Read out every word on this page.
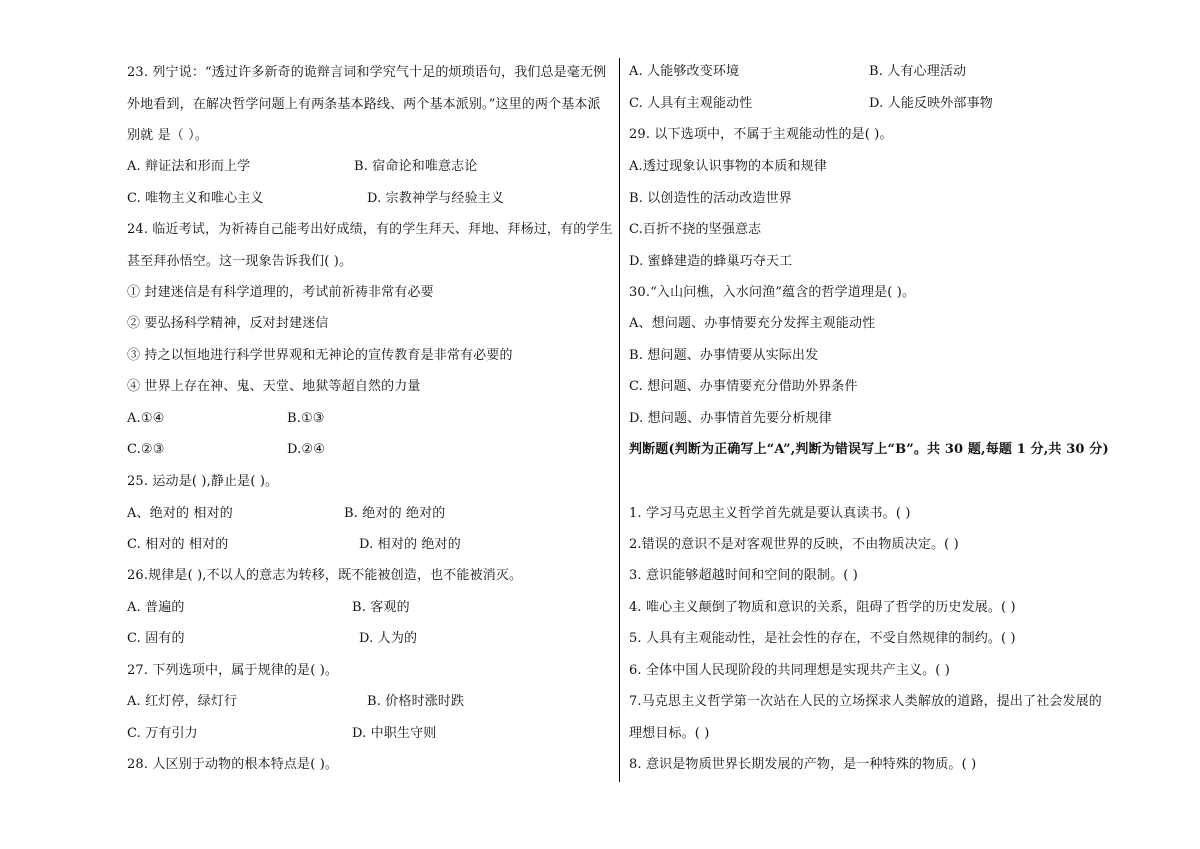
23. 列宁说：“透过许多新奇的诡辩言词和学究气十足的烦琐语句，我们总是毫无例 外地看到，在解决哲学问题上有两条基本路线、两个基本派别。”这里的两个基本派别就 是（ ）。
A. 辩证法和形而上学	B. 宿命论和唯意志论
C. 唯物主义和唯心主义	D. 宗教神学与经验主义
24. 临近考试，为祈祷自己能考出好成绩，有的学生拜天、拜地、拜杨过，有的学生甚至拜孙悟空。这一现象告诉我们( )。
① 封建迷信是有科学道理的，考试前祈祷非常有必要
② 要弘扬科学精神，反对封建迷信
③ 持之以恒地进行科学世界观和无神论的宣传教育是非常有必要的
④ 世界上存在神、鬼、天堂、地狱等超自然的力量
A.①④	B.①③
C.②③	D.②④
25. 运动是( ),静止是( )。
A、绝对的 相对的	B. 绝对的 绝对的
C. 相对的 相对的	D. 相对的 绝对的
26.规律是( ),不以人的意志为转移，既不能被创造，也不能被消灭。
A. 普遍的	B. 客观的
C. 固有的	D. 人为的
27. 下列选项中，属于规律的是( )。
A. 红灯停，绿灯行	B. 价格时涨时跌
C. 万有引力	D. 中职生守则
28. 人区别于动物的根本特点是( )。
A. 人能够改变环境	B. 人有心理活动
C. 人具有主观能动性	D. 人能反映外部事物
29. 以下选项中，不属于主观能动性的是( )。
A.透过现象认识事物的本质和规律
B. 以创造性的活动改造世界
C.百折不挠的坚强意志
D. 蜜蜂建造的蜂巢巧夺天工
30.“入山问樵，入水问渔”蕴含的哲学道理是( )。
A、想问题、办事情要充分发挥主观能动性
B. 想问题、办事情要从实际出发
C. 想问题、办事情要充分借助外界条件
D. 想问题、办事情首先要分析规律
判断题(判断为正确写上“A”,判断为错误写上“B”。共 30 题,每题 1 分,共 30 分)
1. 学习马克思主义哲学首先就是要认真读书。( )
2.错误的意识不是对客观世界的反映，不由物质决定。( )
3. 意识能够超越时间和空间的限制。( )
4. 唯心主义颠倒了物质和意识的关系，阻碍了哲学的历史发展。( )
5. 人具有主观能动性，是社会性的存在，不受自然规律的制约。( )
6. 全体中国人民现阶段的共同理想是实现共产主义。( )
7.马克思主义哲学第一次站在人民的立场探求人类解放的道路，提出了社会发展的理想目标。( )
8. 意识是物质世界长期发展的产物，是一种特殊的物质。( )
